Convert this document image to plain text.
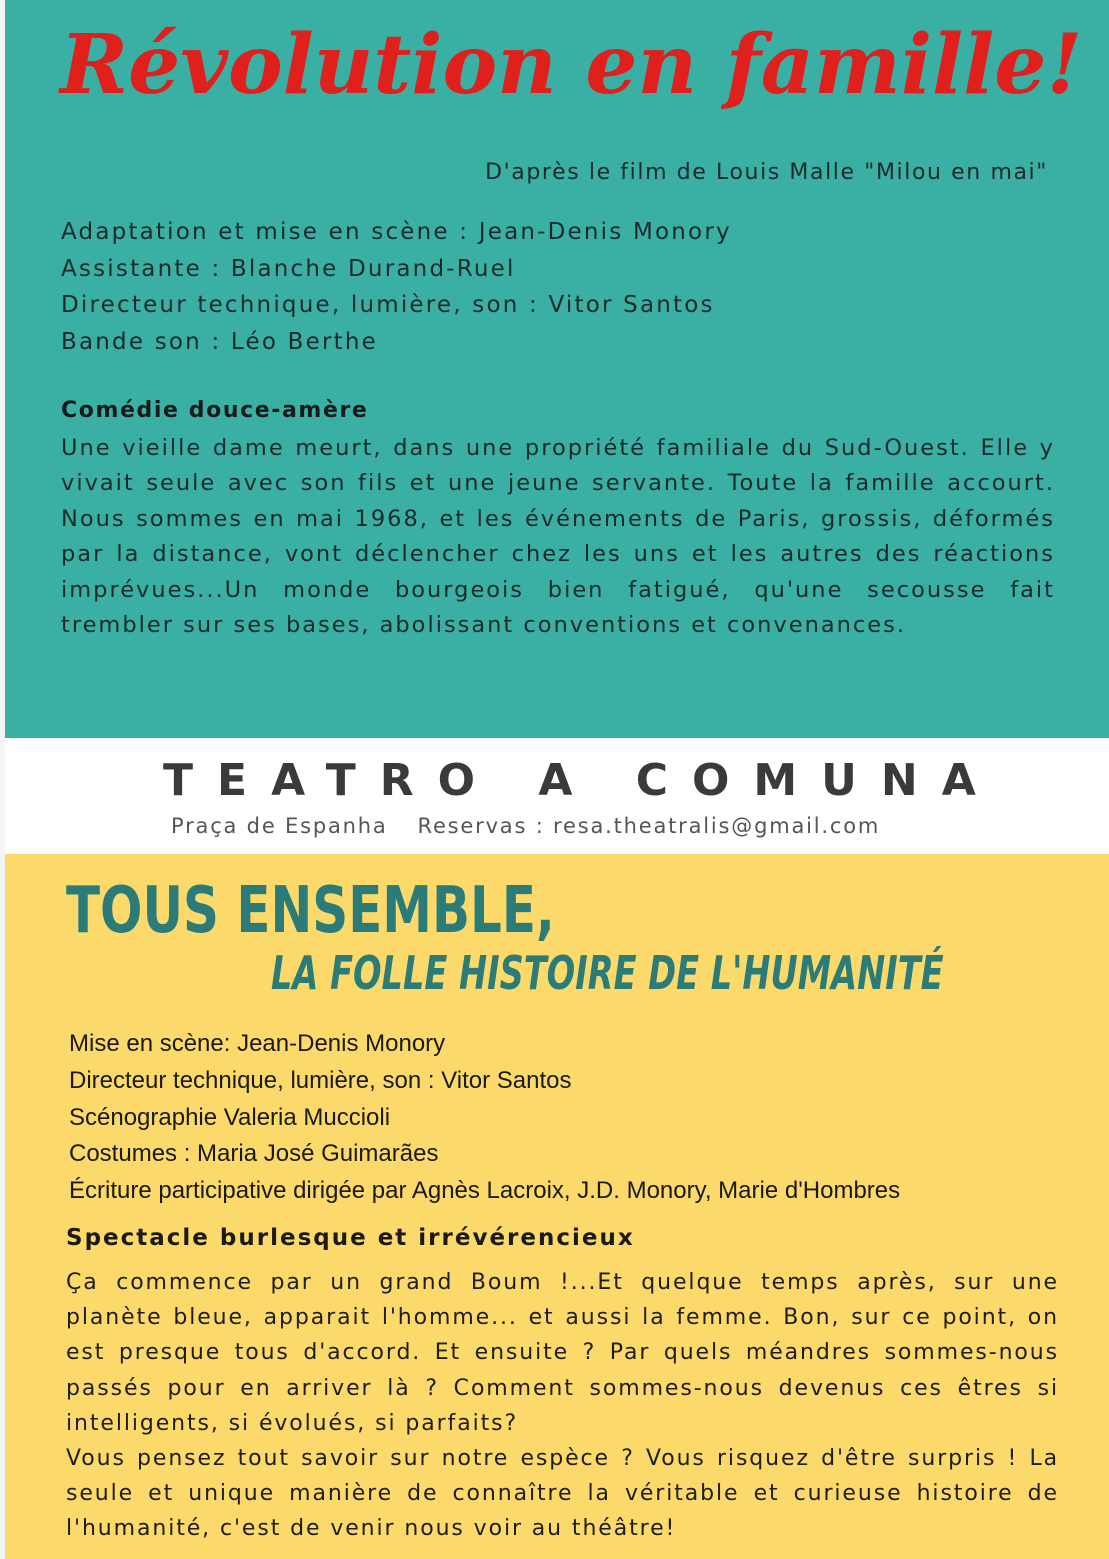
Révolution en famille!

D'après le film de Louis Malle "Milou en mai"

Adaptation et mise en scène : Jean-Denis Monory
Assistante : Blanche Durand-Ruel
Directeur technique, lumière, son : Vitor Santos
Bande son : Léo Berthe
Comédie douce-amère

Une vieille dame meurt, dans une propriété familiale du Sud-Ouest. Elle y vivait seule avec son fils et une jeune servante. Toute la famille accourt. Nous sommes en mai 1968, et les événements de Paris, grossis, déformés par la distance, vont déclencher chez les uns et les autres des réactions imprévues...Un monde bourgeois bien fatigué, qu'une secousse fait trembler sur ses bases, abolissant conventions et convenances.

TEATRO A COMUNA

Praça de Espanha Reservas : resa.theatralis@gmail.com

TOUS ENSEMBLE,
LA FOLLE HISTOIRE DE L'HUMANITÉ
Mise en scène: Jean-Denis Monory
Directeur technique, lumière, son : Vitor Santos
Scénographie Valeria Muccioli
Costumes : Maria José Guimarães
Écriture participative dirigée par Agnès Lacroix, J.D. Monory, Marie d'Hombres
Spectacle burlesque et irrévérencieux

Ça commence par un grand Boum !...Et quelque temps après, sur une planète bleue, apparait l'homme... et aussi la femme. Bon, sur ce point, on est presque tous d'accord. Et ensuite ? Par quels méandres sommes-nous passés pour en arriver là ? Comment sommes-nous devenus ces êtres si intelligents, si évolués, si parfaits?

Vous pensez tout savoir sur notre espèce ? Vous risquez d'être surpris ! La seule et unique manière de connaître la véritable et curieuse histoire de l'humanité, c'est de venir nous voir au théâtre!
